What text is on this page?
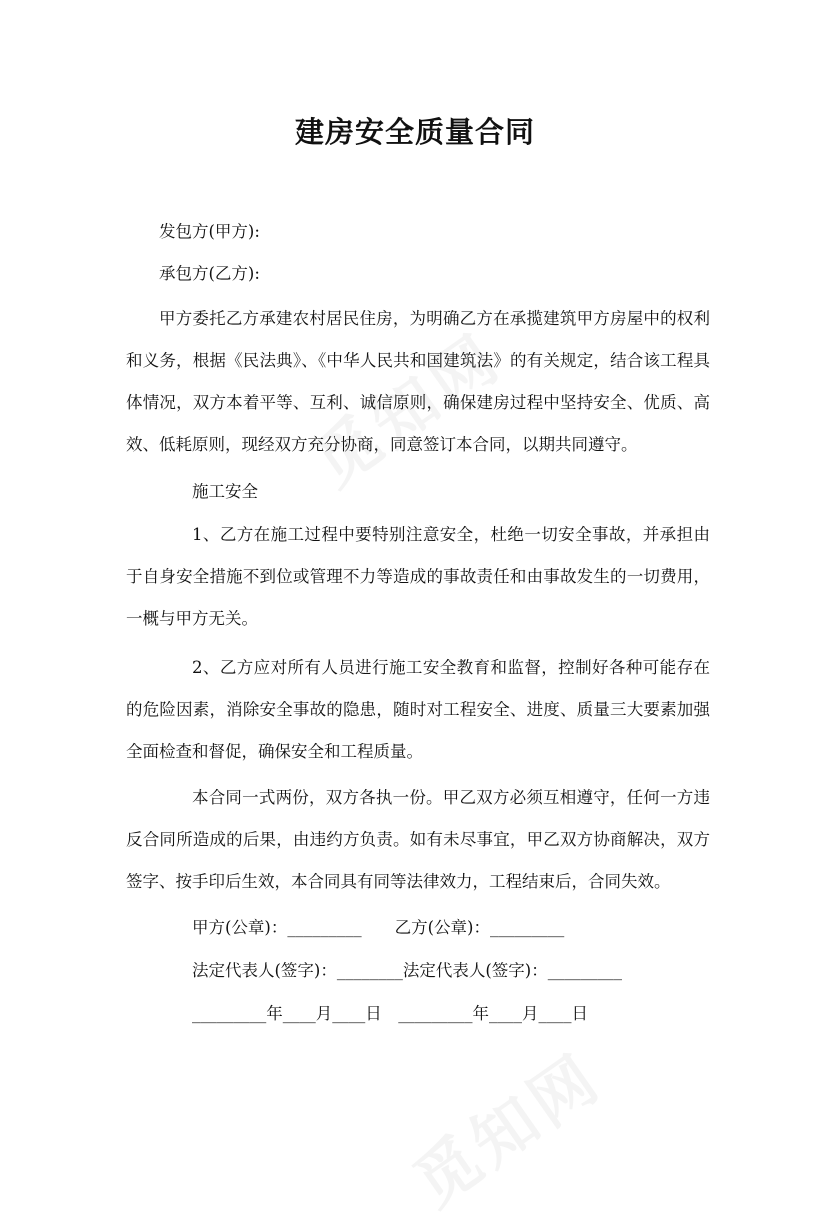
建房安全质量合同
发包方(甲方):
承包方(乙方):
甲方委托乙方承建农村居民住房，为明确乙方在承揽建筑甲方房屋中的权利和义务，根据《民法典》、《中华人民共和国建筑法》的有关规定，结合该工程具体情况，双方本着平等、互利、诚信原则，确保建房过程中坚持安全、优质、高效、低耗原则，现经双方充分协商，同意签订本合同，以期共同遵守。
施工安全
1、乙方在施工过程中要特别注意安全，杜绝一切安全事故，并承担由于自身安全措施不到位或管理不力等造成的事故责任和由事故发生的一切费用，一概与甲方无关。
2、乙方应对所有人员进行施工安全教育和监督，控制好各种可能存在的危险因素，消除安全事故的隐患，随时对工程安全、进度、质量三大要素加强全面检查和督促，确保安全和工程质量。
本合同一式两份，双方各执一份。甲乙双方必须互相遵守，任何一方违反合同所造成的后果，由违约方负责。如有未尽事宜，甲乙双方协商解决，双方签字、按手印后生效，本合同具有同等法律效力，工程结束后，合同失效。
甲方(公章)：_________　　乙方(公章)：_________
法定代表人(签字)：________法定代表人(签字)：_________
_________年____月____日　_________年____月____日
